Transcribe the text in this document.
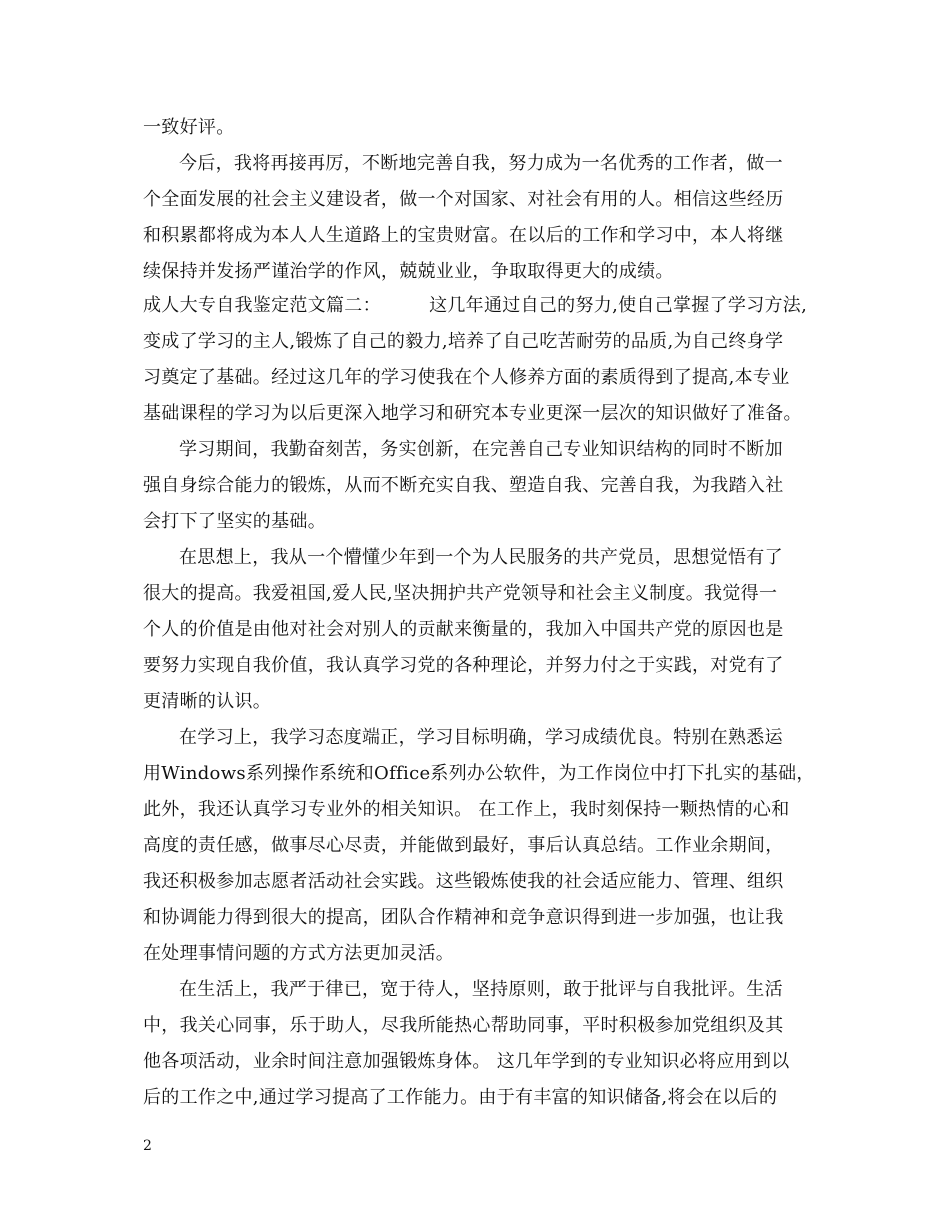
一致好评。
今后，我将再接再厉，不断地完善自我，努力成为一名优秀的工作者，做一
个全面发展的社会主义建设者，做一个对国家、对社会有用的人。相信这些经历
和积累都将成为本人人生道路上的宝贵财富。在以后的工作和学习中，本人将继
续保持并发扬严谨治学的作风，兢兢业业，争取取得更大的成绩。
成人大专自我鉴定范文篇二：        这几年通过自己的努力,使自己掌握了学习方法,
变成了学习的主人,锻炼了自己的毅力,培养了自己吃苦耐劳的品质,为自己终身学
习奠定了基础。经过这几年的学习使我在个人修养方面的素质得到了提高,本专业
基础课程的学习为以后更深入地学习和研究本专业更深一层次的知识做好了准备。
学习期间，我勤奋刻苦，务实创新，在完善自己专业知识结构的同时不断加
强自身综合能力的锻炼，从而不断充实自我、塑造自我、完善自我，为我踏入社
会打下了坚实的基础。
在思想上，我从一个懵懂少年到一个为人民服务的共产党员，思想觉悟有了
很大的提高。我爱祖国,爱人民,坚决拥护共产党领导和社会主义制度。我觉得一
个人的价值是由他对社会对别人的贡献来衡量的，我加入中国共产党的原因也是
要努力实现自我价值，我认真学习党的各种理论，并努力付之于实践，对党有了
更清晰的认识。
在学习上，我学习态度端正，学习目标明确，学习成绩优良。特别在熟悉运
用Windows系列操作系统和Office系列办公软件，为工作岗位中打下扎实的基础，
此外，我还认真学习专业外的相关知识。 在工作上，我时刻保持一颗热情的心和
高度的责任感，做事尽心尽责，并能做到最好，事后认真总结。工作业余期间，
我还积极参加志愿者活动社会实践。这些锻炼使我的社会适应能力、管理、组织
和协调能力得到很大的提高，团队合作精神和竞争意识得到进一步加强，也让我
在处理事情问题的方式方法更加灵活。
在生活上，我严于律已，宽于待人，坚持原则，敢于批评与自我批评。生活
中，我关心同事，乐于助人，尽我所能热心帮助同事，平时积极参加党组织及其
他各项活动，业余时间注意加强锻炼身体。 这几年学到的专业知识必将应用到以
后的工作之中,通过学习提高了工作能力。由于有丰富的知识储备,将会在以后的
2
